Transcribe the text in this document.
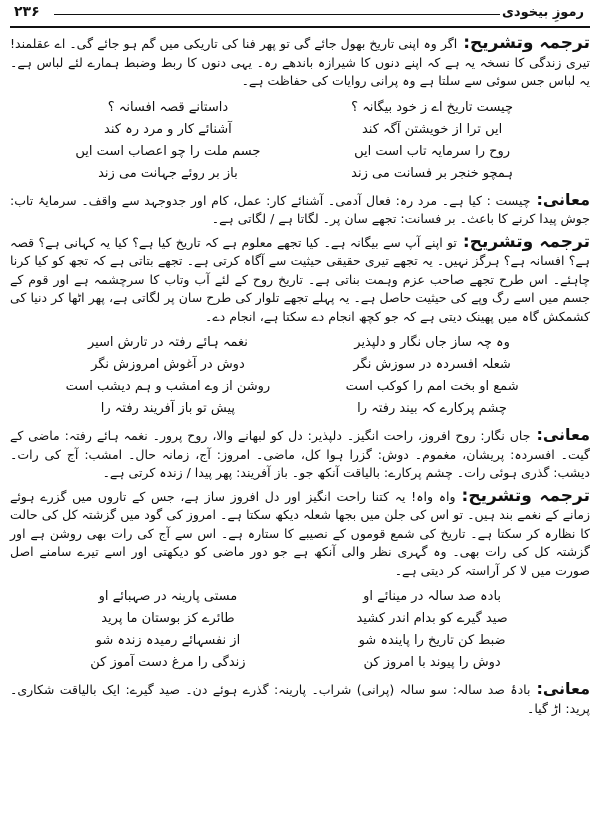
۲۳۶	رموزِ بیخودی

ترجمہ وتشریح:اگر وہ اپنی تاریخ بھول جائے گی تو پھر فنا کی تاریکی میں گم ہو جائے گی۔ اے عقلمند! تیری زندگی کا نسخہ یہ ہے کہ اپنے دنوں کا شیرازہ باندھے رہ۔ یہی دنوں کا ربط وضبط ہمارے لئے لباس ہے۔ یہ لباس جس سوئی سے سلتا ہے وہ پرانی روایات کی حفاظت ہے۔

چیست تاریخ اے ز خود بیگانہ ؟
داستانے قصہ افسانہ ؟
ایں ترا از خویشتن آگہ کند
آشنائے کار و مرد رہ کند
روح را سرمایہ تاب است ایں
جسم ملت را چو اعصاب است ایں
ہمچو خنجر بر فسانت می زند
باز بر روئے جہانت می زند

معانی:چیست : کیا ہے۔ مرد رہ: فعال آدمی۔ آشنائے کار: عمل، کام اور جدوجہد سے واقف۔ سرمایۂ تاب: جوش پیدا کرنے کا باعث۔ بر فسانت: تجھے سان پر۔ لگاتا ہے / لگاتی ہے۔

ترجمہ وتشریح:تو اپنے آپ سے بیگانہ ہے۔ کیا تجھے معلوم ہے کہ تاریخ کیا ہے؟ کیا یہ کہانی ہے؟ قصہ ہے؟ افسانہ ہے؟ ہرگز نہیں۔ یہ تجھے تیری حقیقی حیثیت سے آگاہ کرتی ہے۔ تجھے بتاتی ہے کہ تجھ کو کیا کرنا چاہئے۔ اس طرح تجھے صاحب عزم وہمت بناتی ہے۔ تاریخ روح کے لئے آب وتاب کا سرچشمہ ہے اور قوم کے جسم میں اسے رگ وپے کی حیثیت حاصل ہے۔ یہ پہلے تجھے تلوار کی طرح سان پر لگاتی ہے، پھر اٹھا کر دنیا کی کشمکش گاہ میں پھینک دیتی ہے کہ جو کچھ انجام دے سکتا ہے، انجام دے۔

وہ چہ ساز جاں نگار و دلپذیر
نغمہ ہائے رفتہ در تارش اسیر
شعلہ افسردہ در سوزش نگر
دوش در آغوش امروزش نگر
شمع او بخت امم را کوکب است
روشن از وے امشب و ہم دیشب است
چشم پرکارے کہ بیند رفتہ را
پیش تو باز آفریند رفتہ را

معانی:جاں نگار: روح افروز، راحت انگیز۔ دلپذیر: دل کو لبھانے والا، روح پرور۔ نغمہ ہائے رفتہ: ماضی کے گیت۔ افسردہ: پریشان، مغموم۔ دوش: گزرا ہوا کل، ماضی۔ امروز: آج، زمانہ حال۔ امشب: آج کی رات۔ دیشب: گذری ہوئی رات۔ چشم پرکارے: بالیاقت آنکھ جو۔ باز آفریند: پھر پیدا / زندہ کرتی ہے۔

ترجمہ وتشریح:واہ واہ! یہ کتنا راحت انگیز اور دل افروز ساز ہے، جس کے تاروں میں گزرے ہوئے زمانے کے نغمے بند ہیں۔ تو اس کی جلن میں بجھا شعلہ دیکھ سکتا ہے۔ امروز کی گود میں گزشتہ کل کی حالت کا نظارہ کر سکتا ہے۔ تاریخ کی شمع قوموں کے نصیبے کا ستارہ ہے۔ اس سے آج کی رات بھی روشن ہے اور گزشتہ کل کی رات بھی۔ وہ گہری نظر والی آنکھ ہے جو دور ماضی کو دیکھتی اور اسے تیرے سامنے اصل صورت میں لا کر آراستہ کر دیتی ہے۔

بادہ صد سالہ در مینائے او
مستی پارینہ در صہبائے او
صید گیرے کو بدام اندر کشید
طائرے کز بوستان ما پرید
ضبط کن تاریخ را پایندہ شو
از نفسہائے رمیدہ زندہ شو
دوش را پیوند با امروز کن
زندگی را مرغ دست آموز کن

معانی:بادۂ صد سالہ: سو سالہ (پرانی) شراب۔ پارینہ: گذرے ہوئے دن۔ صید گیرے: ایک بالیاقت شکاری۔ پرید: اڑ گیا۔
